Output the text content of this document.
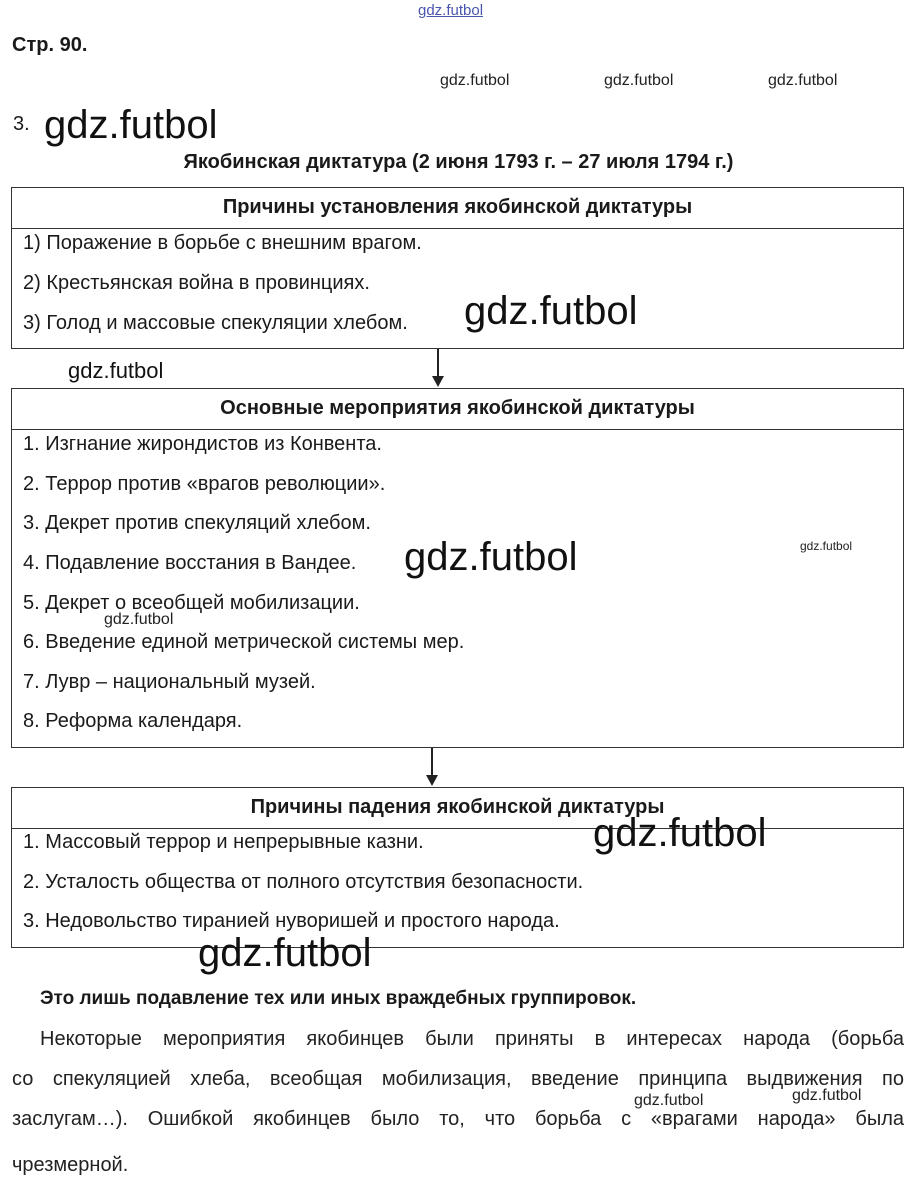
gdz.futbol
gdz.futbol	gdz.futbol	gdz.futbol
Стр. 90.
3. gdz.futbol
Якобинская диктатура (2 июня 1793 г. – 27 июля 1794 г.)
Причины установления якобинской диктатуры
1) Поражение в борьбе с внешним врагом.
2) Крестьянская война в провинциях.
3) Голод и массовые спекуляции хлебом. gdz.futbol
gdz.futbol
Основные мероприятия якобинской диктатуры
1. Изгнание жирондистов из Конвента.
2. Террор против «врагов революции».
3. Декрет против спекуляций хлебом.
4. Подавление восстания в Вандее.
5. Декрет о всеобщей мобилизации.
6. Введение единой метрической системы мер.
7. Лувр – национальный музей.
8. Реформа календаря.
gdz.futbol	gdz.futbol
gdz.futbol
Причины падения якобинской диктатуры
1. Массовый террор и непрерывные казни.
2. Усталость общества от полного отсутствия безопасности.
3. Недовольство тиранией нуворишей и простого народа.
gdz.futbol
gdz.futbol
Это лишь подавление тех или иных враждебных группировок.
Некоторые мероприятия якобинцев были приняты в интересах народа (борьба
со спекуляцией хлеба, всеобщая мобилизация, введение принципа выдвижения по
заслугам…). Ошибкой якобинцев было то, что борьба с «врагами народа» была
чрезмерной.
gdz.futbol	gdz.futbol
